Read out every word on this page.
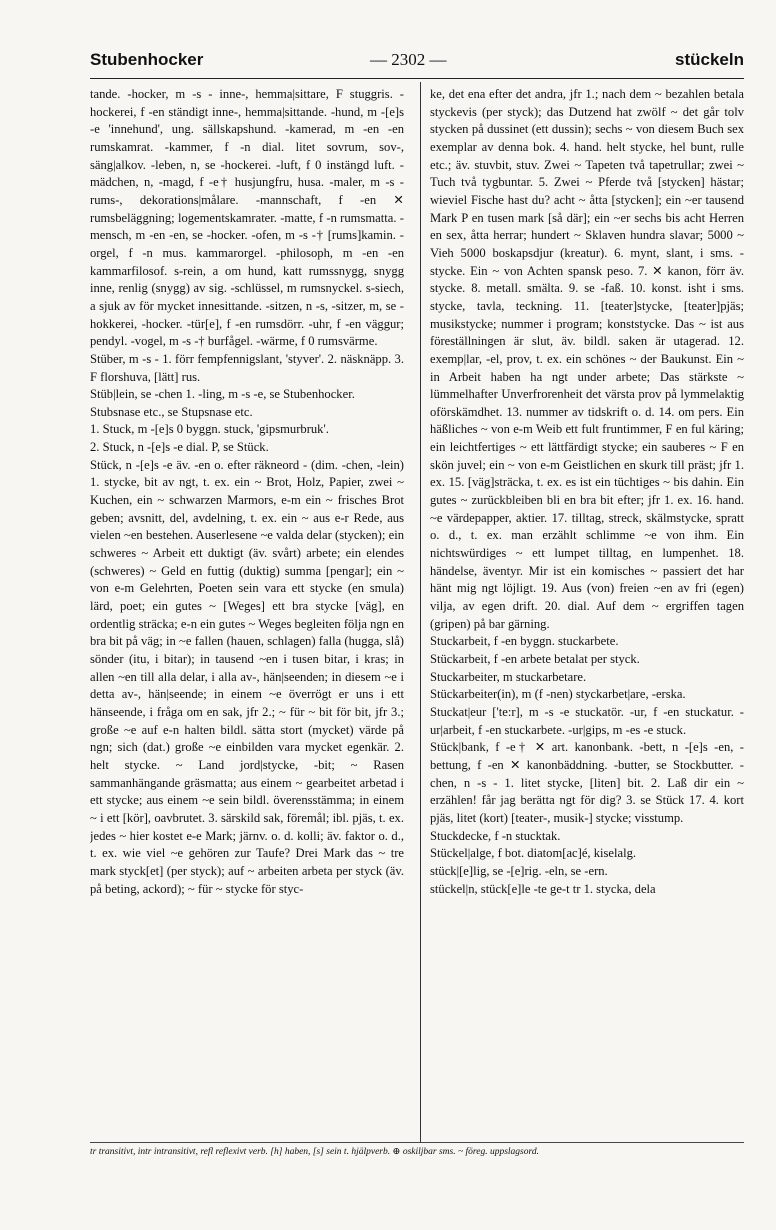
Stubenhocker	— 2302 —	stückeln

tande. -hocker, m -s - inne-, hemma|sittare, F stuggris. -hockerei, f -en ständigt inne-, hemma|sittande. -hund, m -[e]s -e 'innehund', ung. sällskapshund. -kamerad, m -en -en rumskamrat. -kammer, f -n dial. litet sovrum, sov-, säng|alkov. -leben, n, se -hockerei. -luft, f 0 instängd luft. -mädchen, n, -magd, f -e† husjungfru, husa. -maler, m -s - rums-, dekorations|målare. -mannschaft, f -en ✕ rumsbeläggning; logementskamrater. -matte, f -n rumsmatta. -mensch, m -en -en, se -hocker. -ofen, m -s -† [rums]kamin. -orgel, f -n mus. kammarorgel. -philosoph, m -en -en kammarfilosof. s-rein, a om hund, katt rumssnygg, snygg inne, renlig (snygg) av sig. -schlüssel, m rumsnyckel. s-siech, a sjuk av för mycket innesittande. -sitzen, n -s, -sitzer, m, se -hokkerei, -hocker. -tür[e], f -en rumsdörr. -uhr, f -en väggur; pendyl. -vogel, m -s -† burfågel. -wärme, f 0 rumsvärme.

Stüber, m -s - 1. förr fempfennigslant, 'styver'. 2. näsknäpp. 3. F florshuva, [lätt] rus.

Stüb|lein, se -chen 1. -ling, m -s -e, se Stubenhocker.

Stubsnase etc., se Stupsnase etc.

1. Stuck, m -[e]s 0 byggn. stuck, 'gipsmurbruk'.

2. Stuck, n -[e]s -e dial. P, se Stück.

Stück, n -[e]s -e äv. -en o. efter räkneord - (dim. -chen, -lein) 1. stycke, bit av ngt, t. ex. ein ~ Brot, Holz, Papier, zwei ~ Kuchen, ein ~ schwarzen Marmors, e-m ein ~ frisches Brot geben; avsnitt, del, avdelning, t. ex. ein ~ aus e-r Rede, aus vielen ~en bestehen. Auserlesene ~e valda delar (stycken); ein schweres ~ Arbeit ett duktigt (äv. svårt) arbete; ein elendes (schweres) ~ Geld en futtig (duktig) summa [pengar]; ein ~ von e-m Gelehrten, Poeten sein vara ett stycke (en smula) lärd, poet; ein gutes ~ [Weges] ett bra stycke [väg], en ordentlig sträcka; e-n ein gutes ~ Weges begleiten följa ngn en bra bit på väg; in ~e fallen (hauen, schlagen) falla (hugga, slå) sönder (itu, i bitar); in tausend ~en i tusen bitar, i kras; in allen ~en till alla delar, i alla av-, hän|seenden; in diesem ~e i detta av-, hän|seende; in einem ~e överrögt er uns i ett hänseende, i fråga om en sak, jfr 2.; ~ für ~ bit för bit, jfr 3.; große ~e auf e-n halten bildl. sätta stort (mycket) värde på ngn; sich (dat.) große ~e einbilden vara mycket egenkär. 2. helt stycke. ~ Land jord|stycke, -bit; ~ Rasen sammanhängande gräsmatta; aus einem ~ gearbeitet arbetad i ett stycke; aus einem ~e sein bildl. överensstämma; in einem ~ i ett [kör], oavbrutet. 3. särskild sak, föremål; ibl. pjäs, t. ex. jedes ~ hier kostet e-e Mark; järnv. o. d. kolli; äv. faktor o. d., t. ex. wie viel ~e gehören zur Taufe? Drei Mark das ~ tre mark styck[et] (per styck); auf ~ arbeiten arbeta per styck (äv. på beting, ackord); ~ für ~ stycke för styc-

ke, det ena efter det andra, jfr 1.; nach dem ~ bezahlen betala styckevis (per styck); das Dutzend hat zwölf ~ det går tolv stycken på dussinet (ett dussin); sechs ~ von diesem Buch sex exemplar av denna bok. 4. hand. helt stycke, hel bunt, rulle etc.; äv. stuvbit, stuv. Zwei ~ Tapeten två tapetrullar; zwei ~ Tuch två tygbuntar. 5. Zwei ~ Pferde två [stycken] hästar; wieviel Fische hast du? acht ~ åtta [stycken]; ein ~er tausend Mark P en tusen mark [så där]; ein ~er sechs bis acht Herren en sex, åtta herrar; hundert ~ Sklaven hundra slavar; 5000 ~ Vieh 5000 boskapsdjur (kreatur). 6. mynt, slant, i sms. -stycke. Ein ~ von Achten spansk peso. 7. ✕ kanon, förr äv. stycke. 8. metall. smälta. 9. se -faß. 10. konst. isht i sms. stycke, tavla, teckning. 11. [teater]stycke, [teater]pjäs; musikstycke; nummer i program; konststycke. Das ~ ist aus föreställningen är slut, äv. bildl. saken är utagerad. 12. exemp|lar, -el, prov, t. ex. ein schönes ~ der Baukunst. Ein ~ in Arbeit haben ha ngt under arbete; Das stärkste ~ lümmelhafter Unverfrorenheit det värsta prov på lymmelaktig oförskämdhet. 13. nummer av tidskrift o. d. 14. om pers. Ein häßliches ~ von e-m Weib ett fult fruntimmer, F en ful käring; ein leichtfertiges ~ ett lättfärdigt stycke; ein sauberes ~ F en skön juvel; ein ~ von e-m Geistlichen en skurk till präst; jfr 1. ex. 15. [väg]sträcka, t. ex. es ist ein tüchtiges ~ bis dahin. Ein gutes ~ zurückbleiben bli en bra bit efter; jfr 1. ex. 16. hand. ~e värdepapper, aktier. 17. tilltag, streck, skälmstycke, spratt o. d., t. ex. man erzählt schlimme ~e von ihm. Ein nichtswürdiges ~ ett lumpet tilltag, en lumpenhet. 18. händelse, äventyr. Mir ist ein komisches ~ passiert det har hänt mig ngt löjligt. 19. Aus (von) freien ~en av fri (egen) vilja, av egen drift. 20. dial. Auf dem ~ ergriffen tagen (gripen) på bar gärning.

Stuckarbeit, f -en byggn. stuckarbete.

Stückarbeit, f -en arbete betalat per styck.

Stuckarbeiter, m stuckarbetare.

Stückarbeiter(in), m (f -nen) styckarbet|are, -erska.

Stuckat|eur ['te:r], m -s -e stuckatör. -ur, f -en stuckatur. -ur|arbeit, f -en stuckarbete. -ur|gips, m -es -e stuck.

Stück|bank, f -e† ✕ art. kanonbank. -bett, n -[e]s -en, -bettung, f -en ✕ kanonbäddning. -butter, se Stockbutter. -chen, n -s - 1. litet stycke, [liten] bit. 2. Laß dir ein ~ erzählen! får jag berätta ngt för dig? 3. se Stück 17. 4. kort pjäs, litet (kort) [teater-, musik-] stycke; visstump.

Stuckdecke, f -n stucktak.

Stückel|alge, f bot. diatom[ac]é, kiselalg.

stück|[e]lig, se -[e]rig. -eln, se -ern.

stückel|n, stück[e]le -te ge-t tr 1. stycka, dela

tr transitivt, intr intransitivt, refl reflexivt verb. [h] haben, [s] sein t. hjälpverb. ⊕ oskiljbar sms. ~ föreg. uppslagsord.
